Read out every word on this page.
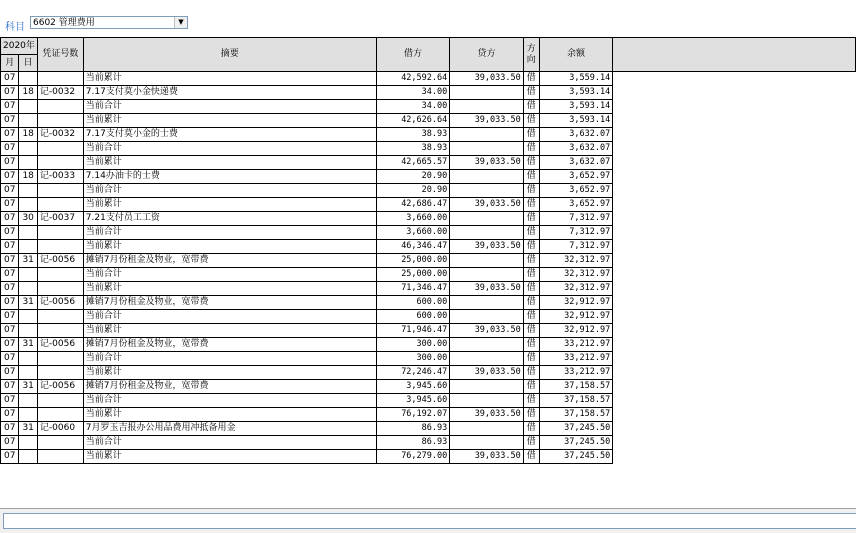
科目 6602 管理费用	▼
2020年		凭证号数	摘要	借方	贷方	方向	余额	
月	日							
07			当前累计	42,592.64	39,033.50	借	3,559.14	
07	18	记-0032	7.17支付莫小金快递费	34.00		借	3,593.14	
07			当前合计	34.00		借	3,593.14	
07			当前累计	42,626.64	39,033.50	借	3,593.14	
07	18	记-0032	7.17支付莫小金的士费	38.93		借	3,632.07	
07			当前合计	38.93		借	3,632.07	
07			当前累计	42,665.57	39,033.50	借	3,632.07	
07	18	记-0033	7.14办油卡的士费	20.90		借	3,652.97	
07			当前合计	20.90		借	3,652.97	
07			当前累计	42,686.47	39,033.50	借	3,652.97	
07	30	记-0037	7.21支付员工工资	3,660.00		借	7,312.97	
07			当前合计	3,660.00		借	7,312.97	
07			当前累计	46,346.47	39,033.50	借	7,312.97	
07	31	记-0056	摊销7月份租金及物业，宽带费	25,000.00		借	32,312.97	
07			当前合计	25,000.00		借	32,312.97	
07			当前累计	71,346.47	39,033.50	借	32,312.97	
07	31	记-0056	摊销7月份租金及物业，宽带费	600.00		借	32,912.97	
07			当前合计	600.00		借	32,912.97	
07			当前累计	71,946.47	39,033.50	借	32,912.97	
07	31	记-0056	摊销7月份租金及物业，宽带费	300.00		借	33,212.97	
07			当前合计	300.00		借	33,212.97	
07			当前累计	72,246.47	39,033.50	借	33,212.97	
07	31	记-0056	摊销7月份租金及物业，宽带费	3,945.60		借	37,158.57	
07			当前合计	3,945.60		借	37,158.57	
07			当前累计	76,192.07	39,033.50	借	37,158.57	
07	31	记-0060	7月罗玉吉报办公用品费用冲抵备用金	86.93		借	37,245.50	
07			当前合计	86.93		借	37,245.50	
07			当前累计	76,279.00	39,033.50	借	37,245.50	
